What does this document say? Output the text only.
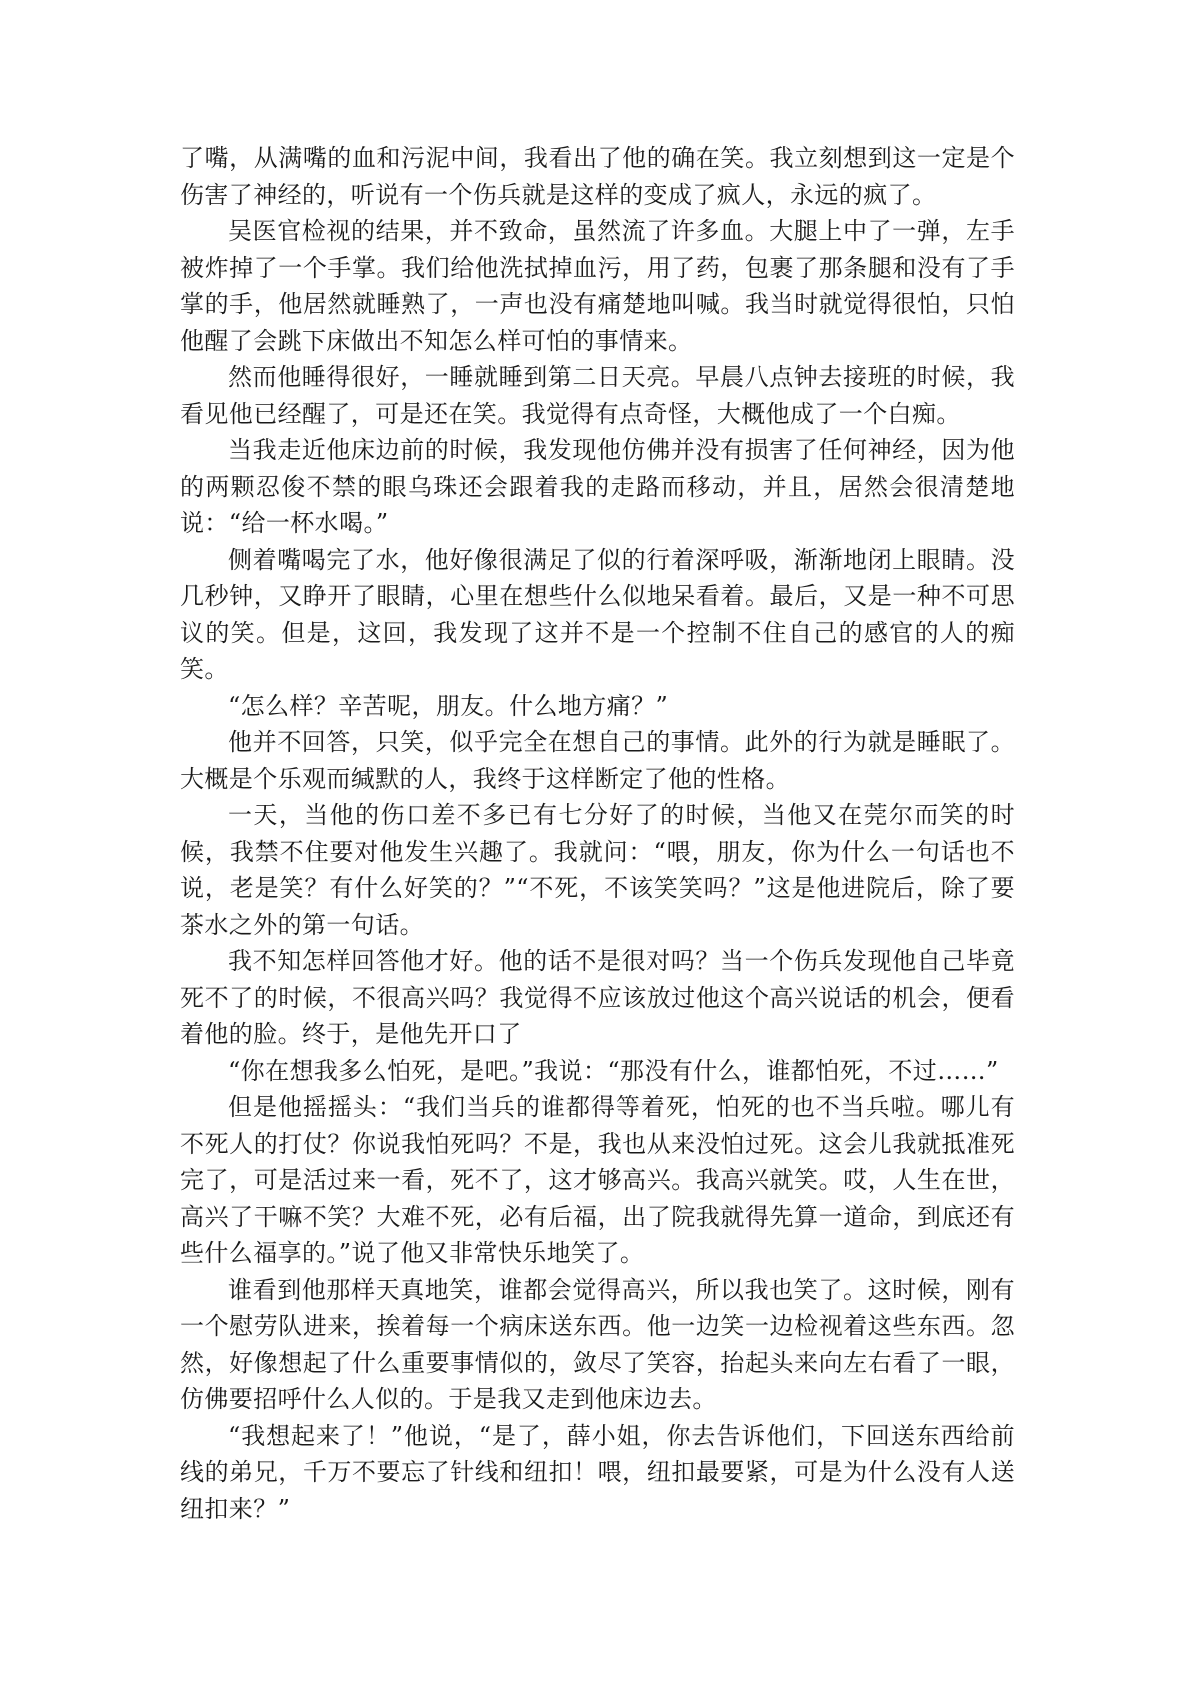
了嘴，从满嘴的血和污泥中间，我看出了他的确在笑。我立刻想到这一定是个伤害了神经的，听说有一个伤兵就是这样的变成了疯人，永远的疯了。

吴医官检视的结果，并不致命，虽然流了许多血。大腿上中了一弹，左手被炸掉了一个手掌。我们给他洗拭掉血污，用了药，包裹了那条腿和没有了手掌的手，他居然就睡熟了，一声也没有痛楚地叫喊。我当时就觉得很怕，只怕他醒了会跳下床做出不知怎么样可怕的事情来。

然而他睡得很好，一睡就睡到第二日天亮。早晨八点钟去接班的时候，我看见他已经醒了，可是还在笑。我觉得有点奇怪，大概他成了一个白痴。

当我走近他床边前的时候，我发现他仿佛并没有损害了任何神经，因为他的两颗忍俊不禁的眼乌珠还会跟着我的走路而移动，并且，居然会很清楚地说：“给一杯水喝。”

侧着嘴喝完了水，他好像很满足了似的行着深呼吸，渐渐地闭上眼睛。没几秒钟，又睁开了眼睛，心里在想些什么似地呆看着。最后，又是一种不可思议的笑。但是，这回，我发现了这并不是一个控制不住自己的感官的人的痴笑。

“怎么样？辛苦呢，朋友。什么地方痛？”

他并不回答，只笑，似乎完全在想自己的事情。此外的行为就是睡眠了。大概是个乐观而缄默的人，我终于这样断定了他的性格。

一天，当他的伤口差不多已有七分好了的时候，当他又在莞尔而笑的时候，我禁不住要对他发生兴趣了。我就问：“喂，朋友，你为什么一句话也不说，老是笑？有什么好笑的？”“不死，不该笑笑吗？”这是他进院后，除了要茶水之外的第一句话。

我不知怎样回答他才好。他的话不是很对吗？当一个伤兵发现他自己毕竟死不了的时候，不很高兴吗？我觉得不应该放过他这个高兴说话的机会，便看着他的脸。终于，是他先开口了

“你在想我多么怕死，是吧。”我说：“那没有什么，谁都怕死，不过……”

但是他摇摇头：“我们当兵的谁都得等着死，怕死的也不当兵啦。哪儿有不死人的打仗？你说我怕死吗？不是，我也从来没怕过死。这会儿我就抵准死完了，可是活过来一看，死不了，这才够高兴。我高兴就笑。哎，人生在世，高兴了干嘛不笑？大难不死，必有后福，出了院我就得先算一道命，到底还有些什么福享的。”说了他又非常快乐地笑了。

谁看到他那样天真地笑，谁都会觉得高兴，所以我也笑了。这时候，刚有一个慰劳队进来，挨着每一个病床送东西。他一边笑一边检视着这些东西。忽然，好像想起了什么重要事情似的，敛尽了笑容，抬起头来向左右看了一眼，仿佛要招呼什么人似的。于是我又走到他床边去。

“我想起来了！”他说，“是了，薛小姐，你去告诉他们，下回送东西给前线的弟兄，千万不要忘了针线和纽扣！喂，纽扣最要紧，可是为什么没有人送纽扣来？”
